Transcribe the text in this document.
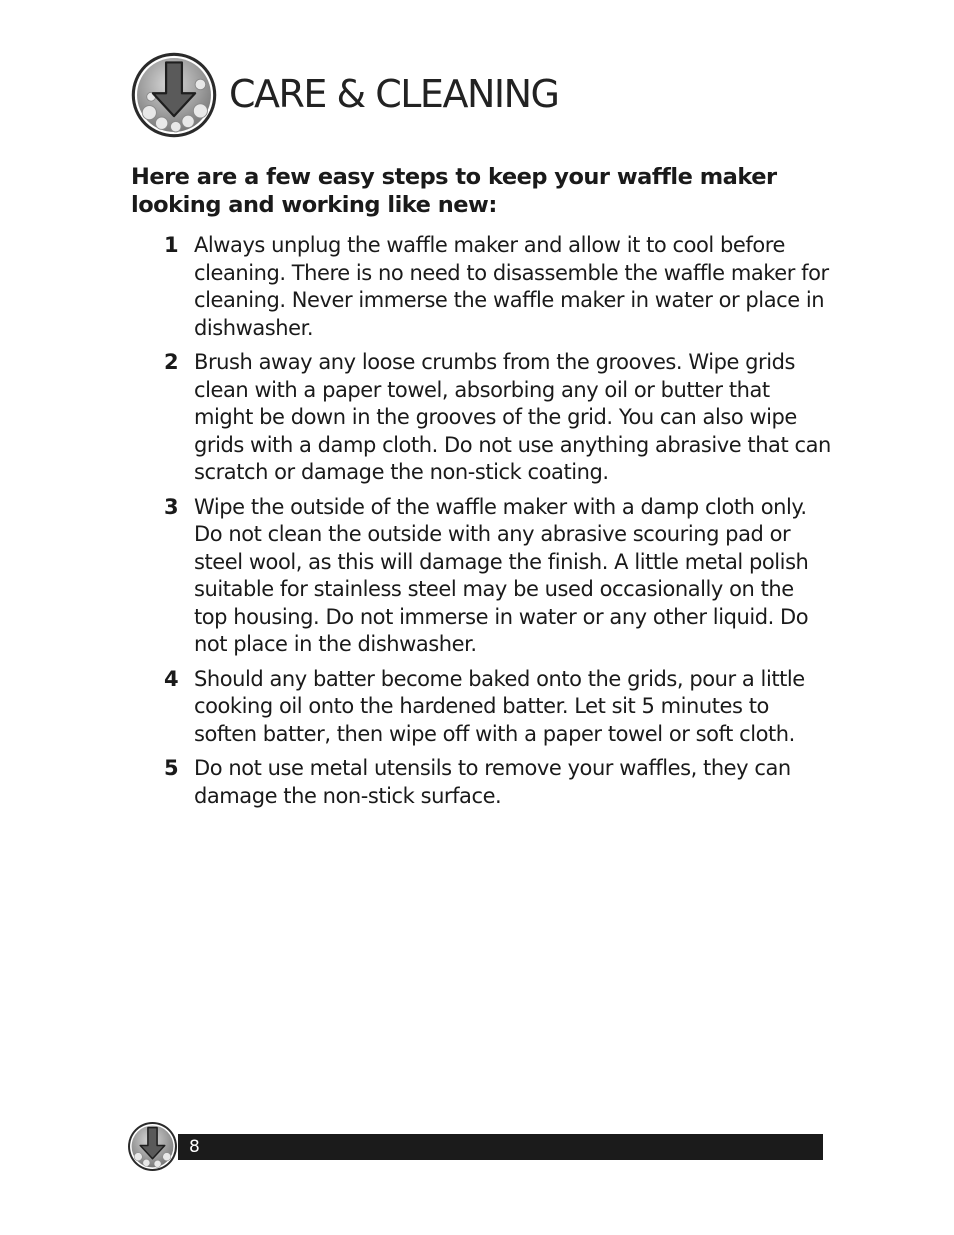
CARE & CLEANING

Here are a few easy steps to keep your waffle maker looking and working like new:

1 Always unplug the waffle maker and allow it to cool before cleaning. There is no need to disassemble the waffle maker for cleaning. Never immerse the waffle maker in water or place in dishwasher.
2 Brush away any loose crumbs from the grooves. Wipe grids clean with a paper towel, absorbing any oil or butter that might be down in the grooves of the grid. You can also wipe grids with a damp cloth. Do not use anything abrasive that can scratch or damage the non-stick coating.
3 Wipe the outside of the waffle maker with a damp cloth only. Do not clean the outside with any abrasive scouring pad or steel wool, as this will damage the finish. A little metal polish suitable for stainless steel may be used occasionally on the top housing. Do not immerse in water or any other liquid. Do not place in the dishwasher.
4 Should any batter become baked onto the grids, pour a little cooking oil onto the hardened batter. Let sit 5 minutes to soften batter, then wipe off with a paper towel or soft cloth.
5 Do not use metal utensils to remove your waffles, they can damage the non-stick surface.
8
